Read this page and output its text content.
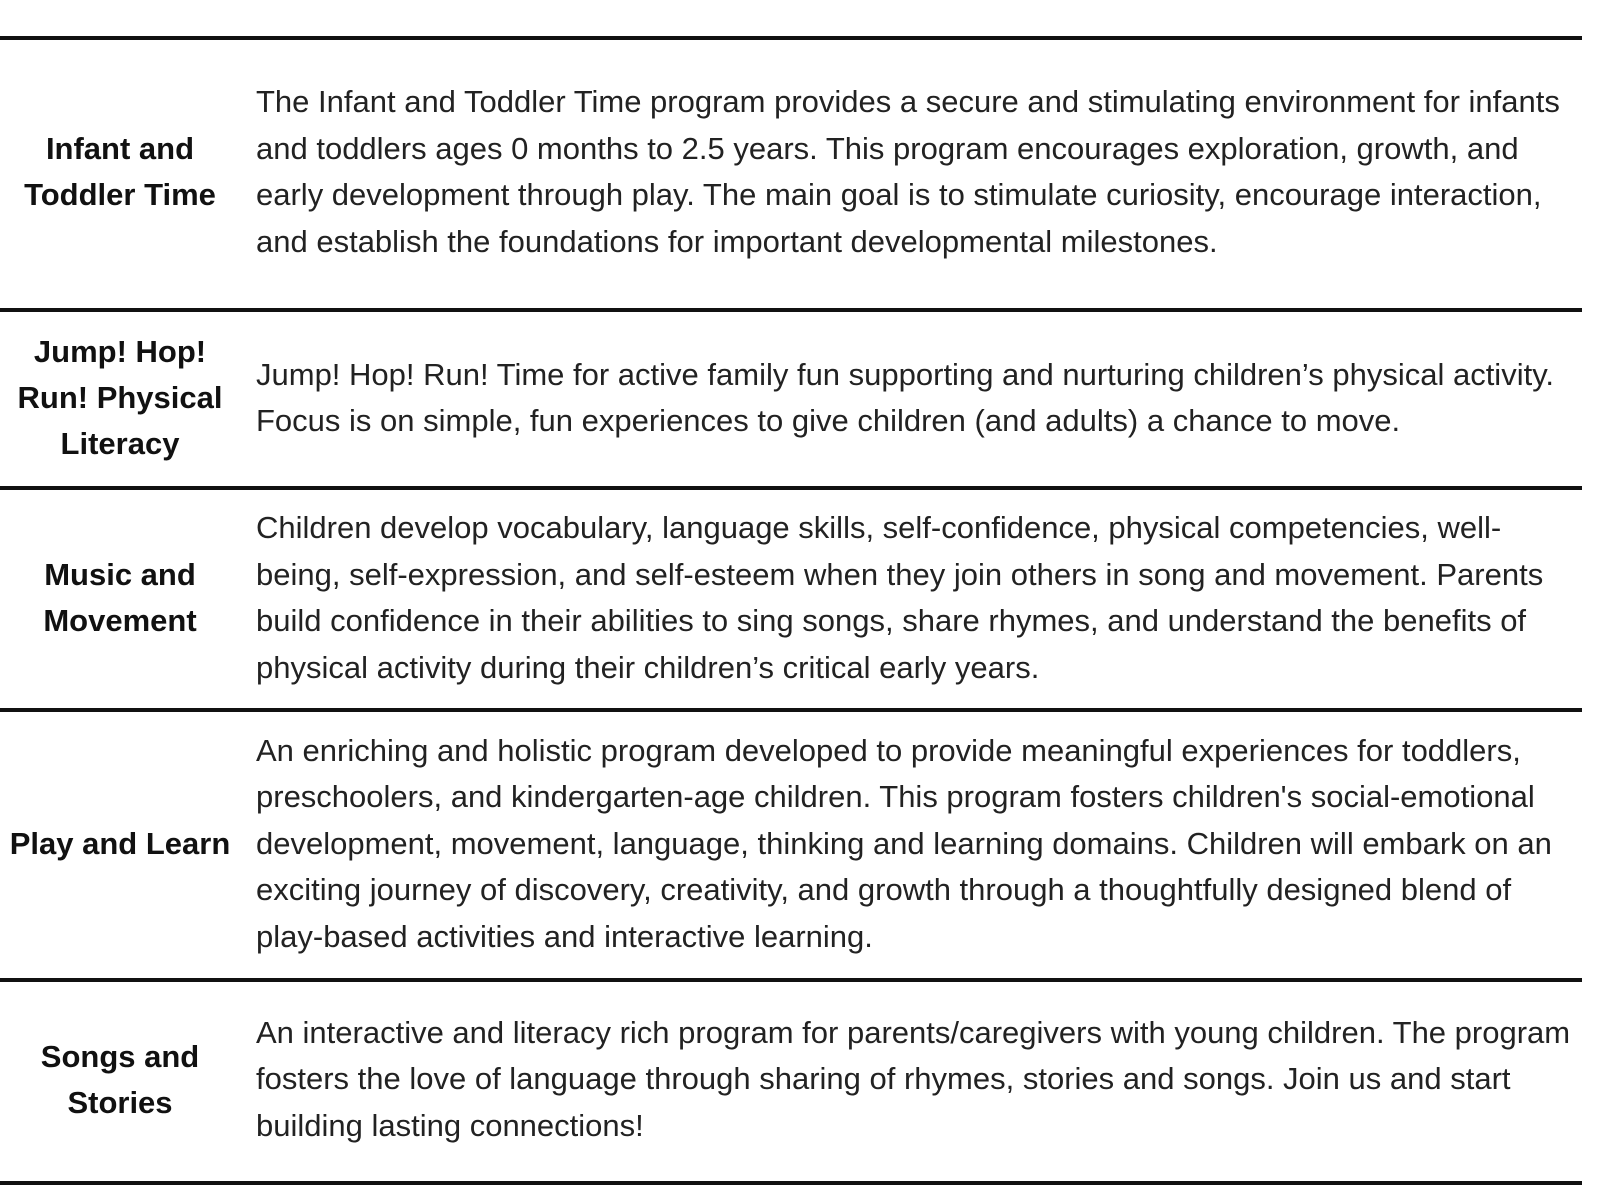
Infant and Toddler Time
The Infant and Toddler Time program provides a secure and stimulating environment for infants and toddlers ages 0 months to 2.5 years. This program encourages exploration, growth, and early development through play. The main goal is to stimulate curiosity, encourage interaction, and establish the foundations for important developmental milestones.
Jump! Hop! Run! Physical Literacy
Jump! Hop! Run! Time for active family fun supporting and nurturing children’s physical activity. Focus is on simple, fun experiences to give children (and adults) a chance to move.
Music and Movement
Children develop vocabulary, language skills, self-confidence, physical competencies, well-being, self-expression, and self-esteem when they join others in song and movement. Parents build confidence in their abilities to sing songs, share rhymes, and understand the benefits of physical activity during their children’s critical early years.
Play and Learn
An enriching and holistic program developed to provide meaningful experiences for toddlers, preschoolers, and kindergarten-age children. This program fosters children's social-emotional development, movement, language, thinking and learning domains. Children will embark on an exciting journey of discovery, creativity, and growth through a thoughtfully designed blend of play-based activities and interactive learning.
Songs and Stories
An interactive and literacy rich program for parents/caregivers with young children. The program fosters the love of language through sharing of rhymes, stories and songs. Join us and start building lasting connections!
